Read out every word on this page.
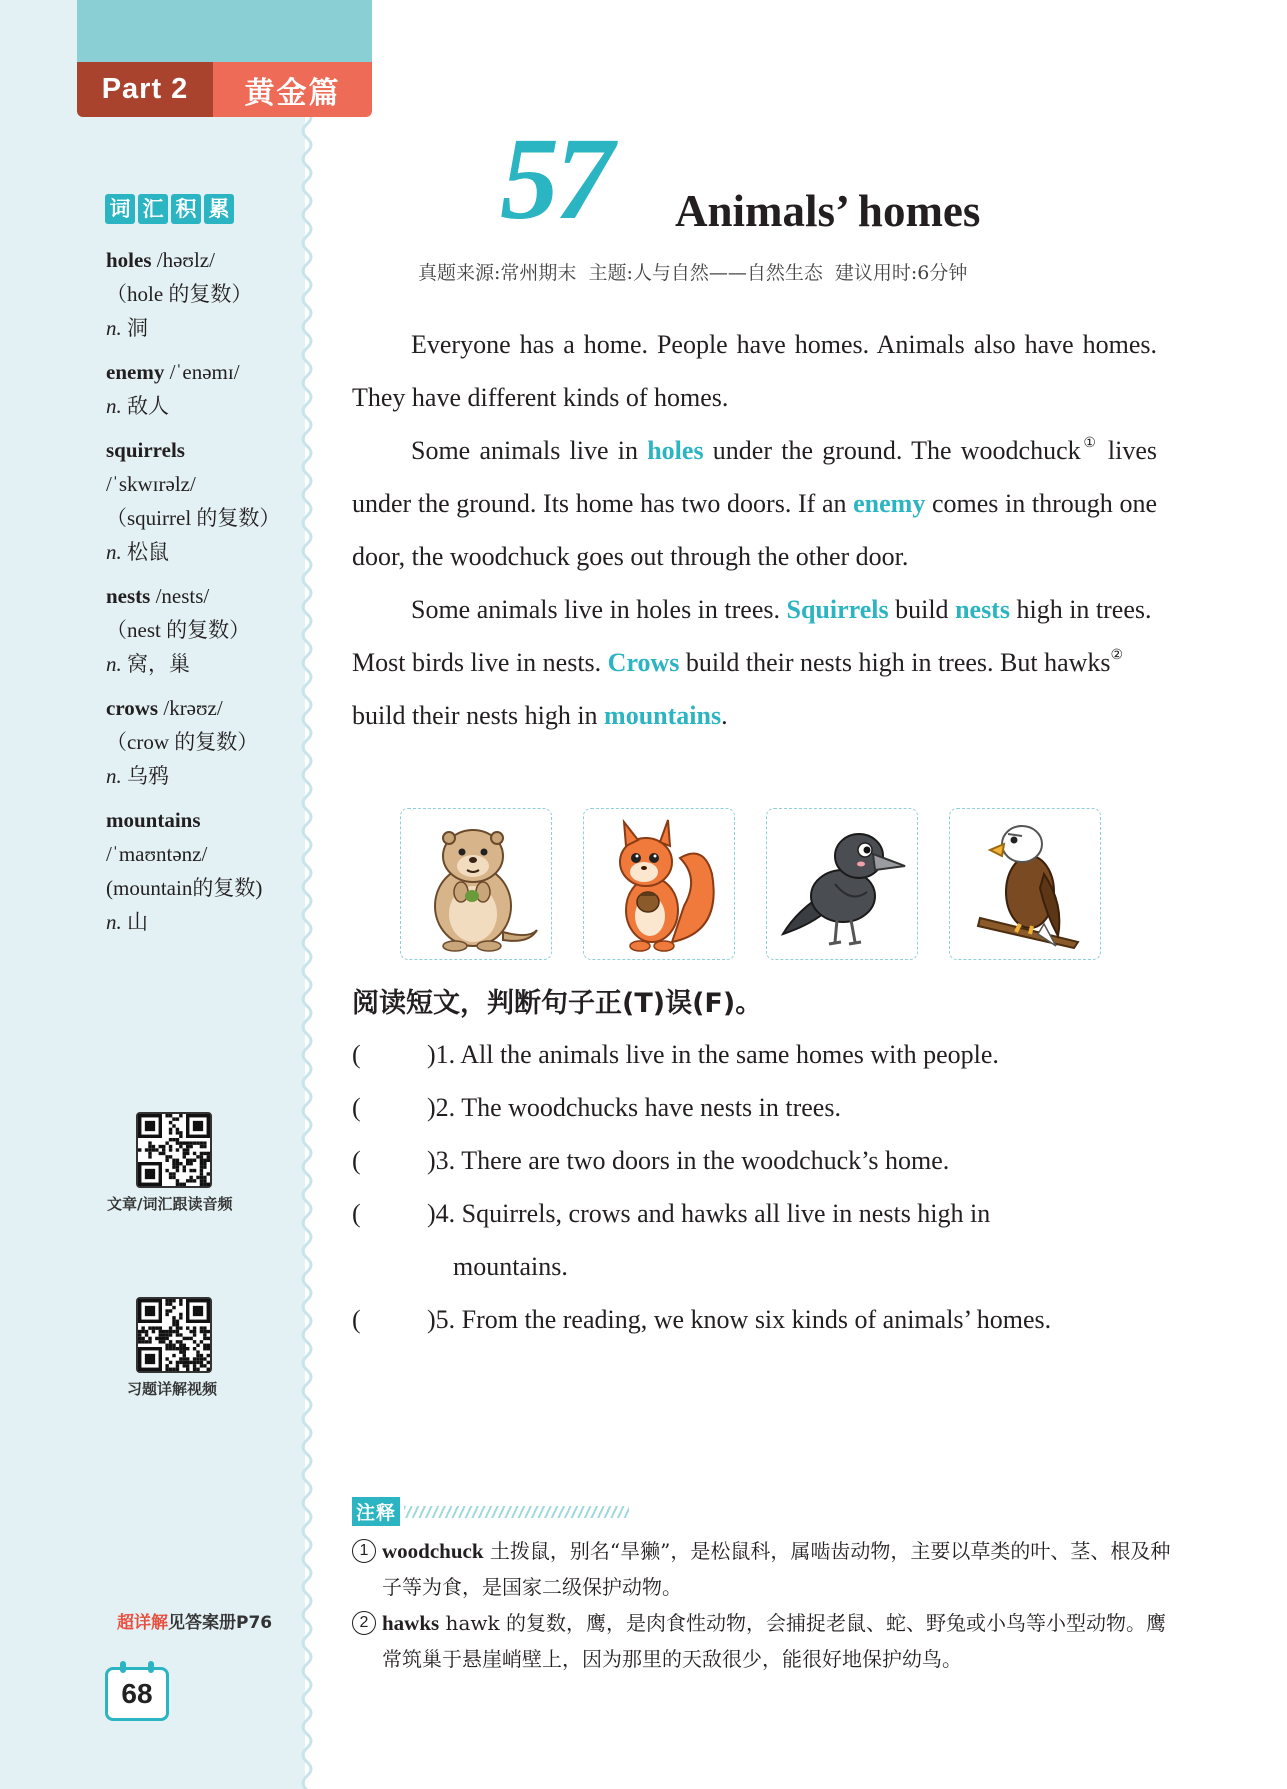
Part 2	黄金篇
词 汇 积 累
holes /həʊlz/
（hole 的复数）
n. 洞
enemy /ˈenəmɪ/
n. 敌人
squirrels
/ˈskwɪrəlz/
（squirrel 的复数）
n. 松鼠
nests /nests/
（nest 的复数）
n. 窝，巢
crows /krəʊz/
（crow 的复数）
n. 乌鸦
mountains
/ˈmaʊntənz/
(mountain的复数)
n. 山
文章/词汇跟读音频
习题详解视频
超详解见答案册P76
68
57 Animals’ homes
真题来源:常州期末 主题:人与自然——自然生态 建议用时:6分钟

Everyone has a home. People have homes. Animals also have homes. They have different kinds of homes.

Some animals live in holes under the ground. The woodchuck① lives under the ground. Its home has two doors. If an enemy comes in through one door, the woodchuck goes out through the other door.

Some animals live in holes in trees. Squirrels build nests high in trees. Most birds live in nests. Crows build their nests high in trees. But hawks② build their nests high in mountains.

阅读短文，判断句子正(T)误(F)。
(	)1. All the animals live in the same homes with people.
(	)2. The woodchucks have nests in trees.
(	)3. There are two doors in the woodchuck’s home.
(	)4. Squirrels, crows and hawks all live in nests high in
mountains.
(	)5. From the reading, we know six kinds of animals’ homes.
注释
1 woodchuck 土拨鼠，别名“旱獭”，是松鼠科，属啮齿动物，主要以草类的叶、茎、根及种子等为食，是国家二级保护动物。
2 hawks hawk 的复数，鹰，是肉食性动物，会捕捉老鼠、蛇、野兔或小鸟等小型动物。鹰常筑巢于悬崖峭壁上，因为那里的天敌很少，能很好地保护幼鸟。
